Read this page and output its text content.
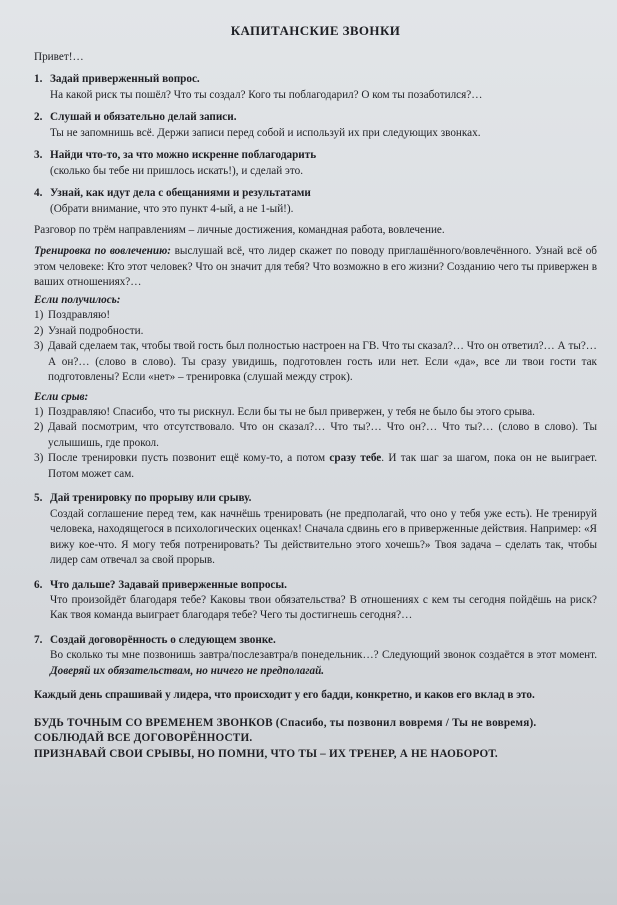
КАПИТАНСКИЕ ЗВОНКИ
Привет!…
1. Задай приверженный вопрос.
На какой риск ты пошёл? Что ты создал? Кого ты поблагодарил? О ком ты позаботился?…
2. Слушай и обязательно делай записи.
Ты не запомнишь всё. Держи записи перед собой и используй их при следующих звонках.
3. Найди что-то, за что можно искренне поблагодарить
(сколько бы тебе ни пришлось искать!), и сделай это.
4. Узнай, как идут дела с обещаниями и результатами
(Обрати внимание, что это пункт 4-ый, а не 1-ый!).
Разговор по трём направлениям – личные достижения, командная работа, вовлечение.
Тренировка по вовлечению: выслушай всё, что лидер скажет по поводу приглашённого/вовлечённого. Узнай всё об этом человеке: Кто этот человек? Что он значит для тебя? Что возможно в его жизни? Созданию чего ты привержен в ваших отношениях?…
Если получилось:
1) Поздравляю!
2) Узнай подробности.
3) Давай сделаем так, чтобы твой гость был полностью настроен на ГВ. Что ты сказал?… Что он ответил?… А ты?… А он?… (слово в слово). Ты сразу увидишь, подготовлен гость или нет. Если «да», все ли твои гости так подготовлены? Если «нет» – тренировка (слушай между строк).
Если срыв:
1) Поздравляю! Спасибо, что ты рискнул. Если бы ты не был привержен, у тебя не было бы этого срыва.
2) Давай посмотрим, что отсутствовало. Что он сказал?… Что ты?… Что он?… Что ты?… (слово в слово). Ты услышишь, где прокол.
3) После тренировки пусть позвонит ещё кому-то, а потом сразу тебе. И так шаг за шагом, пока он не выиграет. Потом может сам.
5. Дай тренировку по прорыву или срыву.
Создай соглашение перед тем, как начнёшь тренировать (не предполагай, что оно у тебя уже есть). Не тренируй человека, находящегося в психологических оценках! Сначала сдвинь его в приверженные действия. Например: «Я вижу кое-что. Я могу тебя потренировать? Ты действительно этого хочешь?» Твоя задача – сделать так, чтобы лидер сам отвечал за свой прорыв.
6. Что дальше? Задавай приверженные вопросы.
Что произойдёт благодаря тебе? Каковы твои обязательства? В отношениях с кем ты сегодня пойдёшь на риск? Как твоя команда выиграет благодаря тебе? Чего ты достигнешь сегодня?…
7. Создай договорённость о следующем звонке.
Во сколько ты мне позвонишь завтра/послезавтра/в понедельник…? Следующий звонок создаётся в этот момент. Доверяй их обязательствам, но ничего не предполагай.
Каждый день спрашивай у лидера, что происходит у его бадди, конкретно, и каков его вклад в это.
БУДЬ ТОЧНЫМ СО ВРЕМЕНЕМ ЗВОНКОВ (Спасибо, ты позвонил вовремя / Ты не вовремя).
СОБЛЮДАЙ ВСЕ ДОГОВОРЁННОСТИ.
ПРИЗНАВАЙ СВОИ СРЫВЫ, НО ПОМНИ, ЧТО ТЫ – ИХ ТРЕНЕР, А НЕ НАОБОРОТ.
